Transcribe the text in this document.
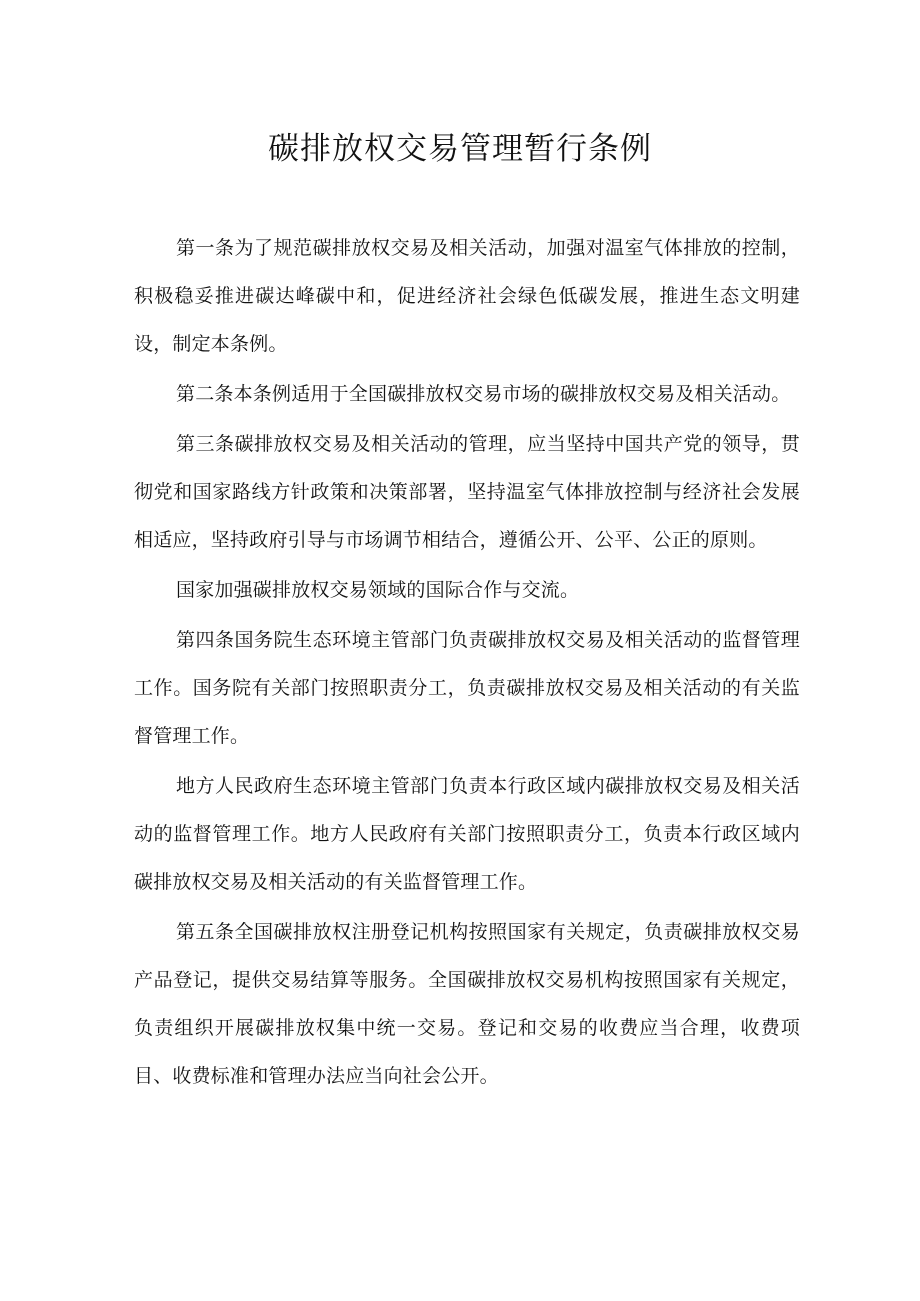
碳排放权交易管理暂行条例

第一条为了规范碳排放权交易及相关活动，加强对温室气体排放的控制，积极稳妥推进碳达峰碳中和，促进经济社会绿色低碳发展，推进生态文明建设，制定本条例。

第二条本条例适用于全国碳排放权交易市场的碳排放权交易及相关活动。

第三条碳排放权交易及相关活动的管理，应当坚持中国共产党的领导，贯彻党和国家路线方针政策和决策部署，坚持温室气体排放控制与经济社会发展相适应，坚持政府引导与市场调节相结合，遵循公开、公平、公正的原则。

国家加强碳排放权交易领域的国际合作与交流。

第四条国务院生态环境主管部门负责碳排放权交易及相关活动的监督管理工作。国务院有关部门按照职责分工，负责碳排放权交易及相关活动的有关监督管理工作。

地方人民政府生态环境主管部门负责本行政区域内碳排放权交易及相关活动的监督管理工作。地方人民政府有关部门按照职责分工，负责本行政区域内碳排放权交易及相关活动的有关监督管理工作。

第五条全国碳排放权注册登记机构按照国家有关规定，负责碳排放权交易产品登记，提供交易结算等服务。全国碳排放权交易机构按照国家有关规定，负责组织开展碳排放权集中统一交易。登记和交易的收费应当合理，收费项目、收费标准和管理办法应当向社会公开。
